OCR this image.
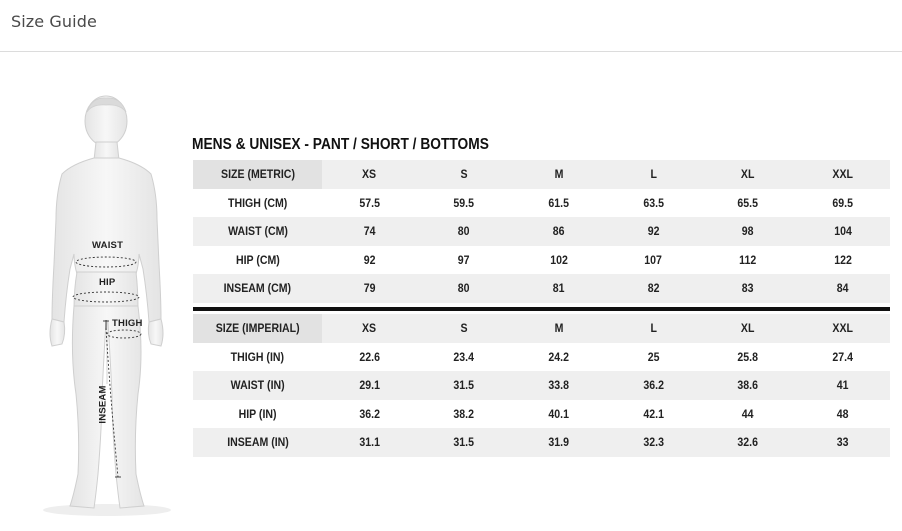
Size Guide
WAIST
HIP
THIGH
INSEAM
MENS & UNISEX - PANT / SHORT / BOTTOMS
SIZE (METRIC)	XS	S	M	L	XL	XXL
THIGH (CM)	57.5	59.5	61.5	63.5	65.5	69.5
WAIST (CM)	74	80	86	92	98	104
HIP (CM)	92	97	102	107	112	122
INSEAM (CM)	79	80	81	82	83	84
SIZE (IMPERIAL)	XS	S	M	L	XL	XXL
THIGH (IN)	22.6	23.4	24.2	25	25.8	27.4
WAIST (IN)	29.1	31.5	33.8	36.2	38.6	41
HIP (IN)	36.2	38.2	40.1	42.1	44	48
INSEAM (IN)	31.1	31.5	31.9	32.3	32.6	33
